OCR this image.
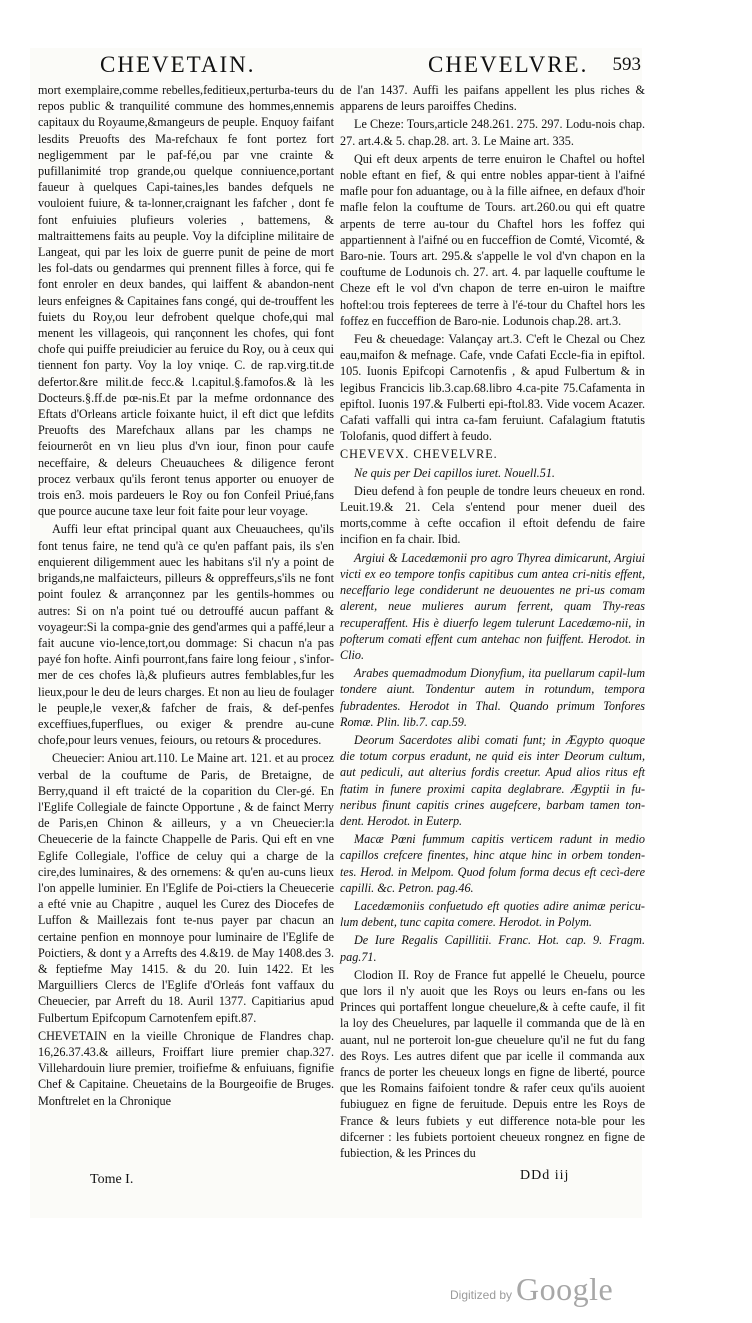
CHEVETAIN.	CHEVELVRE. 593

mort exemplaire,comme rebelles,feditieux,perturba-teurs du repos public & tranquilité commune des hommes,ennemis capitaux du Royaume,&mangeurs de peuple. Enquoy faifant lesdits Preuofts des Ma-refchaux fe font portez fort negligemment par le paf-fé,ou par vne crainte & pufillanimité trop grande,ou quelque conniuence,portant faueur à quelques Capi-taines,les bandes defquels ne vouloient fuiure, & ta-lonner,craignant les fafcher , dont fe font enfuiuies plufieurs voleries , battemens, & maltraittemens faits au peuple. Voy la difcipline militaire de Langeat, qui par les loix de guerre punit de peine de mort les fol-dats ou gendarmes qui prennent filles à force, qui fe font enroler en deux bandes, qui laiffent & abandon-nent leurs enfeignes & Capitaines fans congé, qui de-trouffent les fuiets du Roy,ou leur defrobent quelque chofe,qui mal menent les villageois, qui rançonnent les chofes, qui font chofe qui puiffe preiudicier au feruice du Roy, ou à ceux qui tiennent fon party. Voy la loy vniqe. C. de rap.virg.tit.de defertor.&re milit.de fecc.& l.capitul.§.famofos.& là les Docteurs.§.ff.de pœ-nis.Et par la mefme ordonnance des Eftats d'Orleans article foixante huict, il eft dict que lefdits Preuofts des Marefchaux allans par les champs ne feiournerôt en vn lieu plus d'vn iour, finon pour caufe neceffaire, & deleurs Cheuauchees & diligence feront procez verbaux qu'ils feront tenus apporter ou enuoyer de trois en3. mois pardeuers le Roy ou fon Confeil Priué,fans que pource aucune taxe leur foit faite pour leur voyage.

Auffi leur eftat principal quant aux Cheuauchees, qu'ils font tenus faire, ne tend qu'à ce qu'en paffant pais, ils s'en enquierent diligemment auec les habitans s'il n'y a point de brigands,ne malfaicteurs, pilleurs & oppreffeurs,s'ils ne font point foulez & arrançonnez par les gentils-hommes ou autres: Si on n'a point tué ou detrouffé aucun paffant & voyageur:Si la compa-gnie des gend'armes qui a paffé,leur a fait aucune vio-lence,tort,ou dommage: Si chacun n'a pas payé fon hofte. Ainfi pourront,fans faire long feiour , s'infor-mer de ces chofes là,& plufieurs autres femblables,fur les lieux,pour le deu de leurs charges. Et non au lieu de foulager le peuple,le vexer,& fafcher de frais, & def-penfes exceffiues,fuperflues, ou exiger & prendre au-cune chofe,pour leurs venues, feiours, ou retours & procedures.

Cheuecier: Aniou art.110. Le Maine art. 121. et au procez verbal de la couftume de Paris, de Bretaigne, de Berry,quand il eft traicté de la coparition du Cler-gé. En l'Eglife Collegiale de faincte Opportune , & de fainct Merry de Paris,en Chinon & ailleurs, y a vn Cheuecier:la Cheuecerie de la faincte Chappelle de Paris. Qui eft en vne Eglife Collegiale, l'office de celuy qui a charge de la cire,des luminaires, & des ornemens: & qu'en au-cuns lieux l'on appelle luminier. En l'Eglife de Poi-ctiers la Cheuecerie a efté vnie au Chapitre , auquel les Curez des Diocefes de Luffon & Maillezais font te-nus payer par chacun an certaine penfion en monnoye pour luminaire de l'Eglife de Poictiers, & dont y a Arrefts des 4.&19. de May 1408.des 3. & feptiefme May 1415. & du 20. Iuin 1422. Et les Marguilliers Clercs de l'Eglife d'Orleás font vaffaux du Cheuecier, par Arreft du 18. Auril 1377. Capitiarius apud Fulbertum Epifcopum Carnotenfem epift.87.

CHEVETAIN en la vieille Chronique de Flandres chap. 16,26.37.43.& ailleurs, Froiffart liure premier chap.327. Villehardouin liure premier, troifiefme & enfuiuans, fignifie Chef & Capitaine. Cheuetains de la Bourgeoifie de Bruges. Monftrelet en la Chronique

de l'an 1437. Auffi les paifans appellent les plus riches & apparens de leurs paroiffes Chedins.

Le Cheze: Tours,article 248.261. 275. 297. Lodu-nois chap. 27. art.4.& 5. chap.28. art. 3. Le Maine art. 335.

Qui eft deux arpents de terre enuiron le Chaftel ou hoftel noble eftant en fief, & qui entre nobles appar-tient à l'aifné mafle pour fon aduantage, ou à la fille aifnee, en defaux d'hoir mafle felon la couftume de Tours. art.260.ou qui eft quatre arpents de terre au-tour du Chaftel hors les foffez qui appartiennent à l'aifné ou en fucceffion de Comté, Vicomté, & Baro-nie. Tours art. 295.& s'appelle le vol d'vn chapon en la couftume de Lodunois ch. 27. art. 4. par laquelle couftume le Cheze eft le vol d'vn chapon de terre en-uiron le maiftre hoftel:ou trois fepterees de terre à l'é-tour du Chaftel hors les foffez en fucceffion de Baro-nie. Lodunois chap.28. art.3.

Feu & cheuedage: Valançay art.3. C'eft le Chezal ou Chez eau,maifon & mefnage. Cafe, vnde Cafati Eccle-fia in epiftol. 105. Iuonis Epifcopi Carnotenfis , & apud Fulbertum & in legibus Francicis lib.3.cap.68.libro 4.ca-pite 75.Cafamenta in epiftol. Iuonis 197.& Fulberti epi-ftol.83. Vide vocem Acazer. Cafati vaffalli qui intra ca-fam feruiunt. Cafalagium ftatutis Tolofanis, quod differt à feudo.

CHEVEVX. CHEVELVRE.

Ne quis per Dei capillos iuret. Nouell.51.

Dieu defend à fon peuple de tondre leurs cheueux en rond. Leuit.19.& 21. Cela s'entend pour mener dueil des morts,comme à cefte occafion il eftoit defendu de faire incifion en fa chair. Ibid.

Argiui & Lacedæmonii pro agro Thyrea dimicarunt, Argiui victi ex eo tempore tonfis capitibus cum antea cri-nitis effent, neceffario lege condiderunt ne deuouentes ne pri-us comam alerent, neue mulieres aurum ferrent, quam Thy-reas recuperaffent. His è diuerfo legem tulerunt Lacedæmo-nii, in pofterum comati effent cum antehac non fuiffent. Herodot. in Clio.

Arabes quemadmodum Dionyfium, ita puellarum capil-lum tondere aiunt. Tondentur autem in rotundum, tempora fubradentes. Herodot in Thal. Quando primum Tonfores Romæ. Plin. lib.7. cap.59.

Deorum Sacerdotes alibi comati funt; in Ægypto quoque die totum corpus eradunt, ne quid eis inter Deorum cultum, aut pediculi, aut alterius fordis creetur. Apud alios ritus eft ftatim in funere proximi capita deglabrare. Ægyptii in fu-neribus finunt capitis crines augefcere, barbam tamen ton-dent. Herodot. in Euterp.

Macæ Pœni fummum capitis verticem radunt in medio capillos crefcere finentes, hinc atque hinc in orbem tonden-tes. Herod. in Melpom. Quod folum forma decus eft cecì-dere capilli. &c. Petron. pag.46.

Lacedæmoniis confuetudo eft quoties adire animæ pericu-lum debent, tunc capita comere. Herodot. in Polym.

De Iure Regalis Capillitii. Franc. Hot. cap. 9. Fragm. pag.71.

Clodion II. Roy de France fut appellé le Cheuelu, pource que lors il n'y auoit que les Roys ou leurs en-fans ou les Princes qui portaffent longue cheuelure,& à cefte caufe, il fit la loy des Cheuelures, par laquelle il commanda que de là en auant, nul ne porteroit lon-gue cheuelure qu'il ne fut du fang des Roys. Les autres difent que par icelle il commanda aux francs de porter les cheueux longs en figne de liberté, pource que les Romains faifoient tondre & rafer ceux qu'ils auoient fubiuguez en figne de feruitude. Depuis entre les Roys de France & leurs fubiets y eut difference nota-ble pour les difcerner : les fubiets portoient cheueux rongnez en figne de fubiection, & les Princes du

Tome I.	DDd iij
Digitized by Google
